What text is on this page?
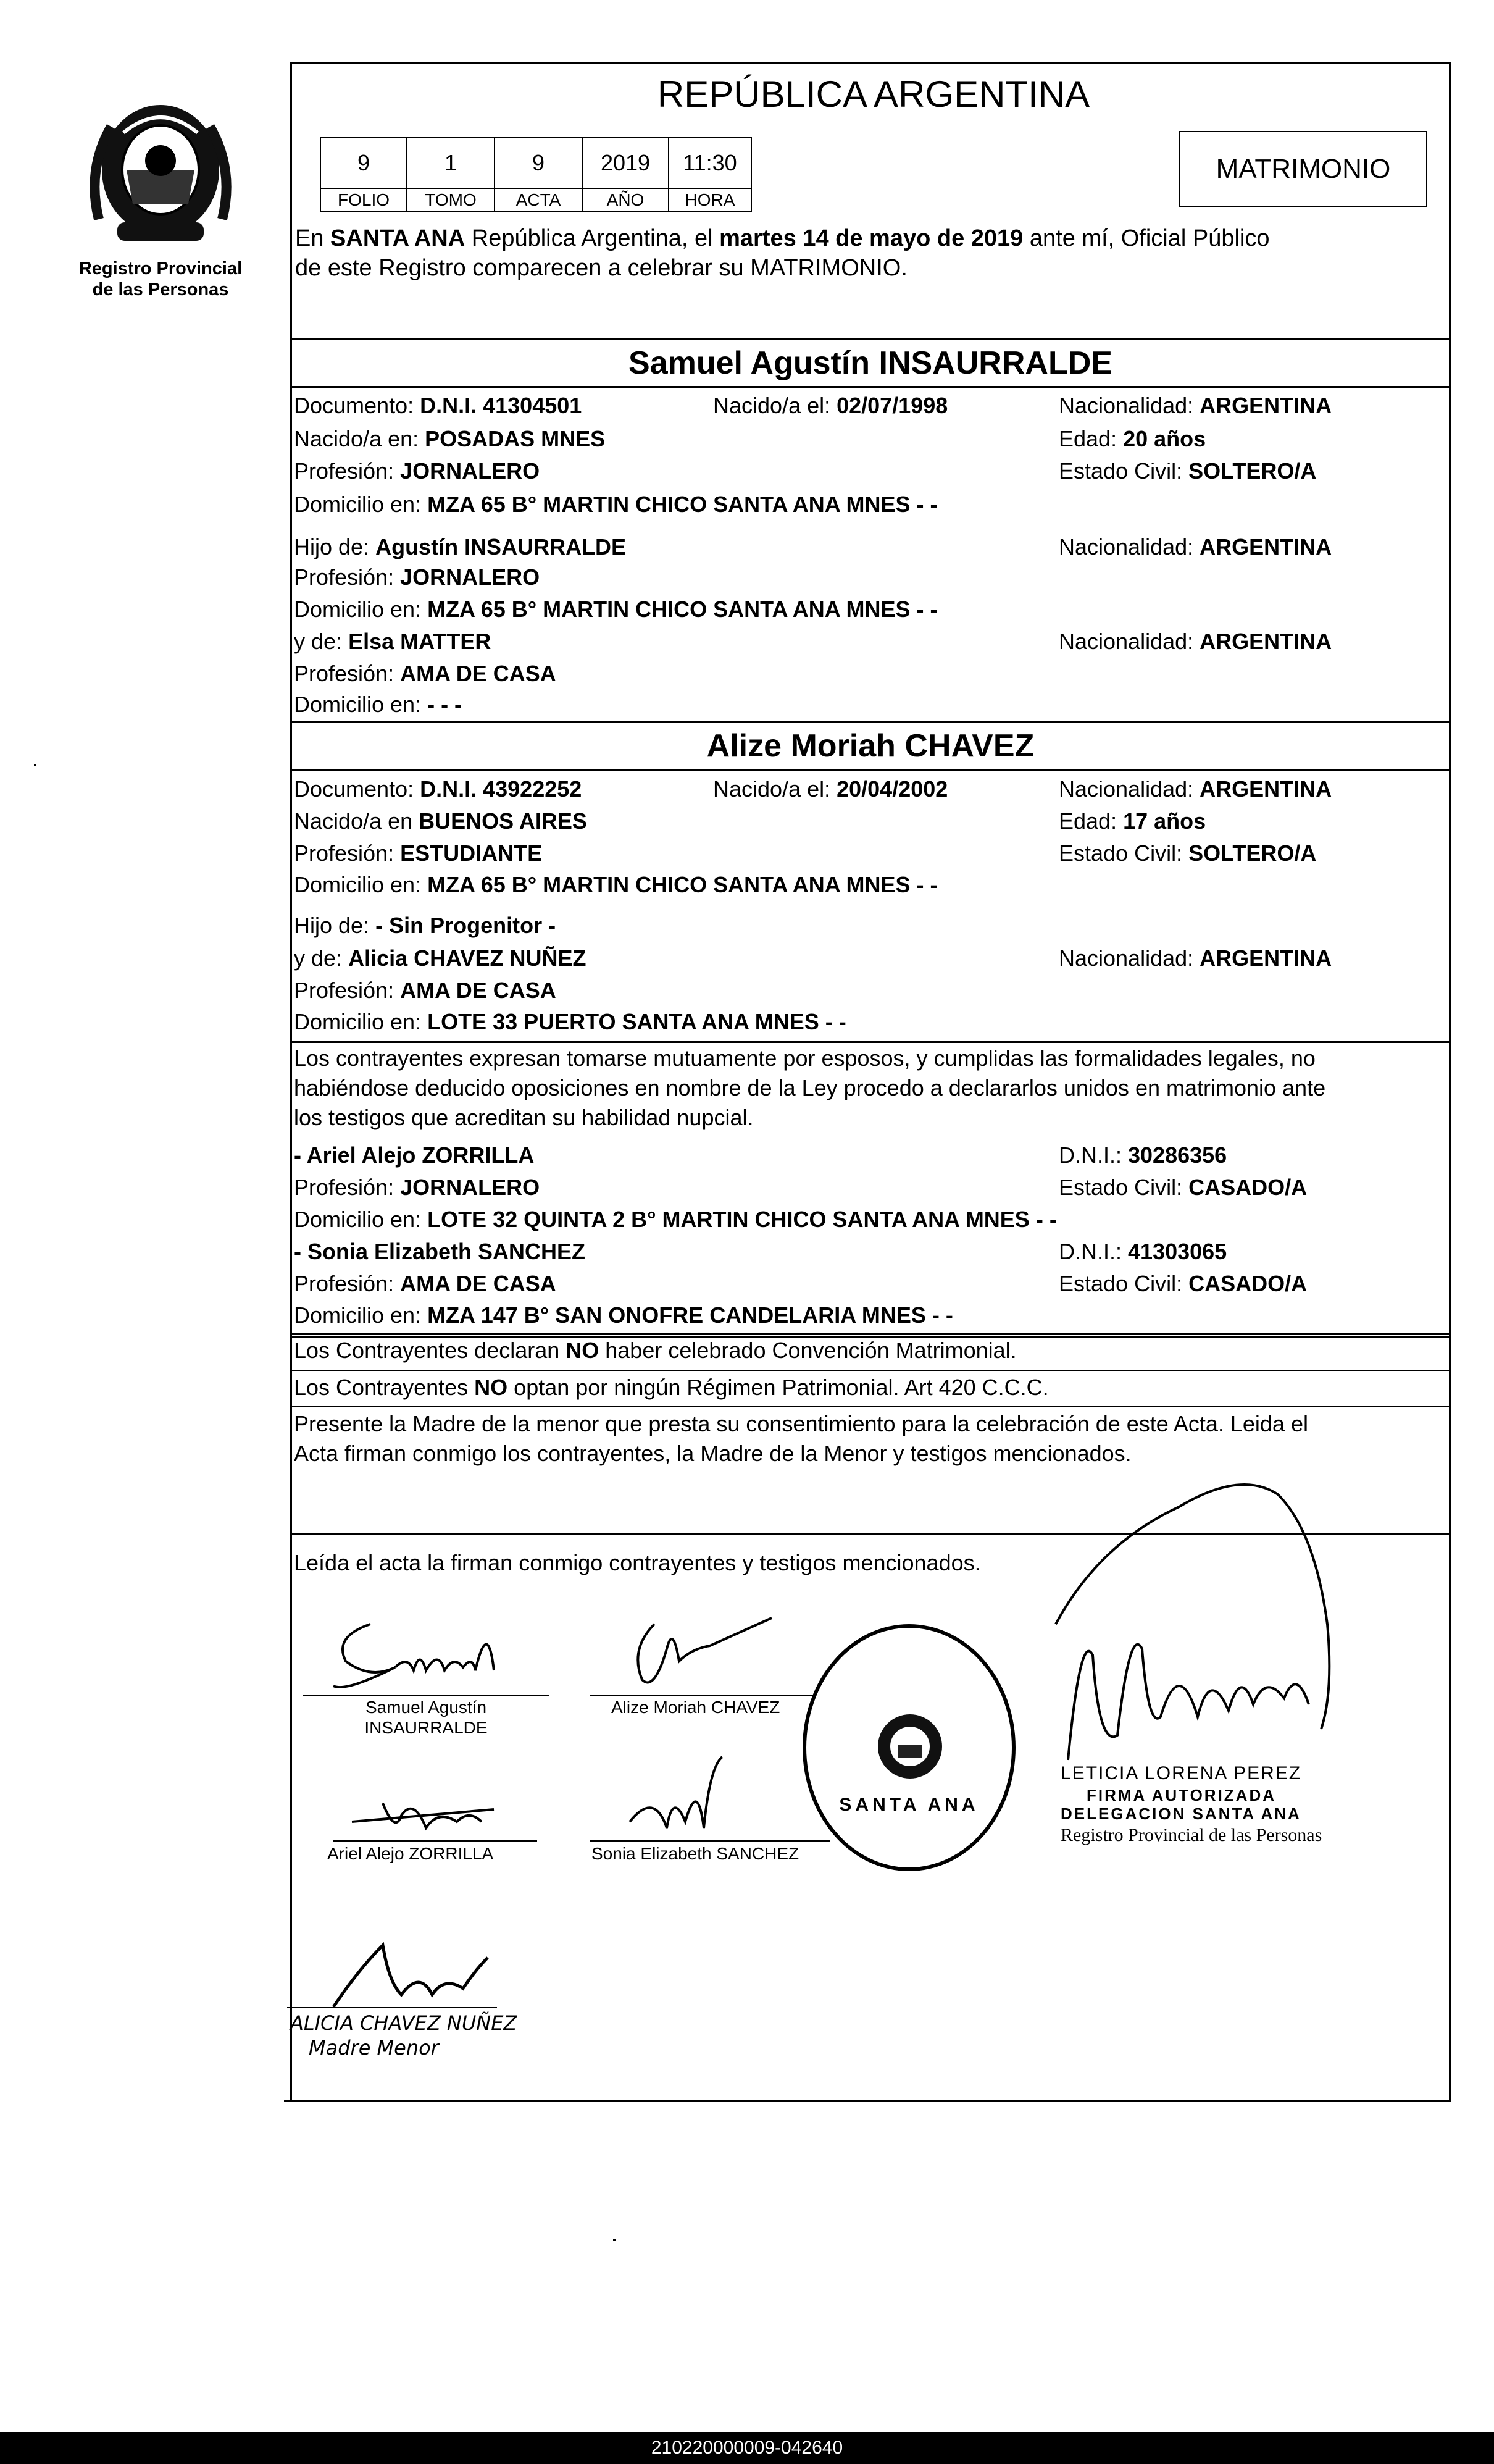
Registro Provincial
de las Personas
REPÚBLICA ARGENTINA
MATRIMONIO
9	1	9	2019	11:30
FOLIO	TOMO	ACTA	AÑO	HORA
En SANTA ANA República Argentina, el martes 14 de mayo de 2019 ante mí, Oficial Público
de este Registro comparecen a celebrar su MATRIMONIO.
Samuel Agustín INSAURRALDE
Documento: D.N.I. 41304501	Nacido/a el: 02/07/1998	Nacionalidad: ARGENTINA
Nacido/a en: POSADAS MNES	Edad: 20 años
Profesión: JORNALERO	Estado Civil: SOLTERO/A
Domicilio en: MZA 65 B° MARTIN CHICO SANTA ANA MNES - -
Hijo de: Agustín INSAURRALDE	Nacionalidad: ARGENTINA
Profesión: JORNALERO
Domicilio en: MZA 65 B° MARTIN CHICO SANTA ANA MNES - -
y de: Elsa MATTER	Nacionalidad: ARGENTINA
Profesión: AMA DE CASA
Domicilio en: - - -
Alize Moriah CHAVEZ
Documento: D.N.I. 43922252	Nacido/a el: 20/04/2002	Nacionalidad: ARGENTINA
Nacido/a en BUENOS AIRES	Edad: 17 años
Profesión: ESTUDIANTE	Estado Civil: SOLTERO/A
Domicilio en: MZA 65 B° MARTIN CHICO SANTA ANA MNES - -
Hijo de: - Sin Progenitor -
y de: Alicia CHAVEZ NUÑEZ	Nacionalidad: ARGENTINA
Profesión: AMA DE CASA
Domicilio en: LOTE 33 PUERTO SANTA ANA MNES - -
Los contrayentes expresan tomarse mutuamente por esposos, y cumplidas las formalidades legales, no
habiéndose deducido oposiciones en nombre de la Ley procedo a declararlos unidos en matrimonio ante
los testigos que acreditan su habilidad nupcial.
- Ariel Alejo ZORRILLA	D.N.I.: 30286356
Profesión: JORNALERO	Estado Civil: CASADO/A
Domicilio en: LOTE 32 QUINTA 2 B° MARTIN CHICO SANTA ANA MNES - -
- Sonia Elizabeth SANCHEZ	D.N.I.: 41303065
Profesión: AMA DE CASA	Estado Civil: CASADO/A
Domicilio en: MZA 147 B° SAN ONOFRE CANDELARIA MNES - -
Los Contrayentes declaran NO haber celebrado Convención Matrimonial.
Los Contrayentes NO optan por ningún Régimen Patrimonial. Art 420 C.C.C.
Presente la Madre de la menor que presta su consentimiento para la celebración de este Acta. Leida el
Acta firman conmigo los contrayentes, la Madre de la Menor y testigos mencionados.
Leída el acta la firman conmigo contrayentes y testigos mencionados.
Samuel Agustín
INSAURRALDE
Alize Moriah CHAVEZ
Ariel Alejo ZORRILLA	Sonia Elizabeth SANCHEZ
ALICIA CHAVEZ NUÑEZ
Madre Menor
SANTA ANA
LETICIA LORENA PEREZ
FIRMA AUTORIZADA
DELEGACION SANTA ANA
Registro Provincial de las Personas
210220000009-042640
